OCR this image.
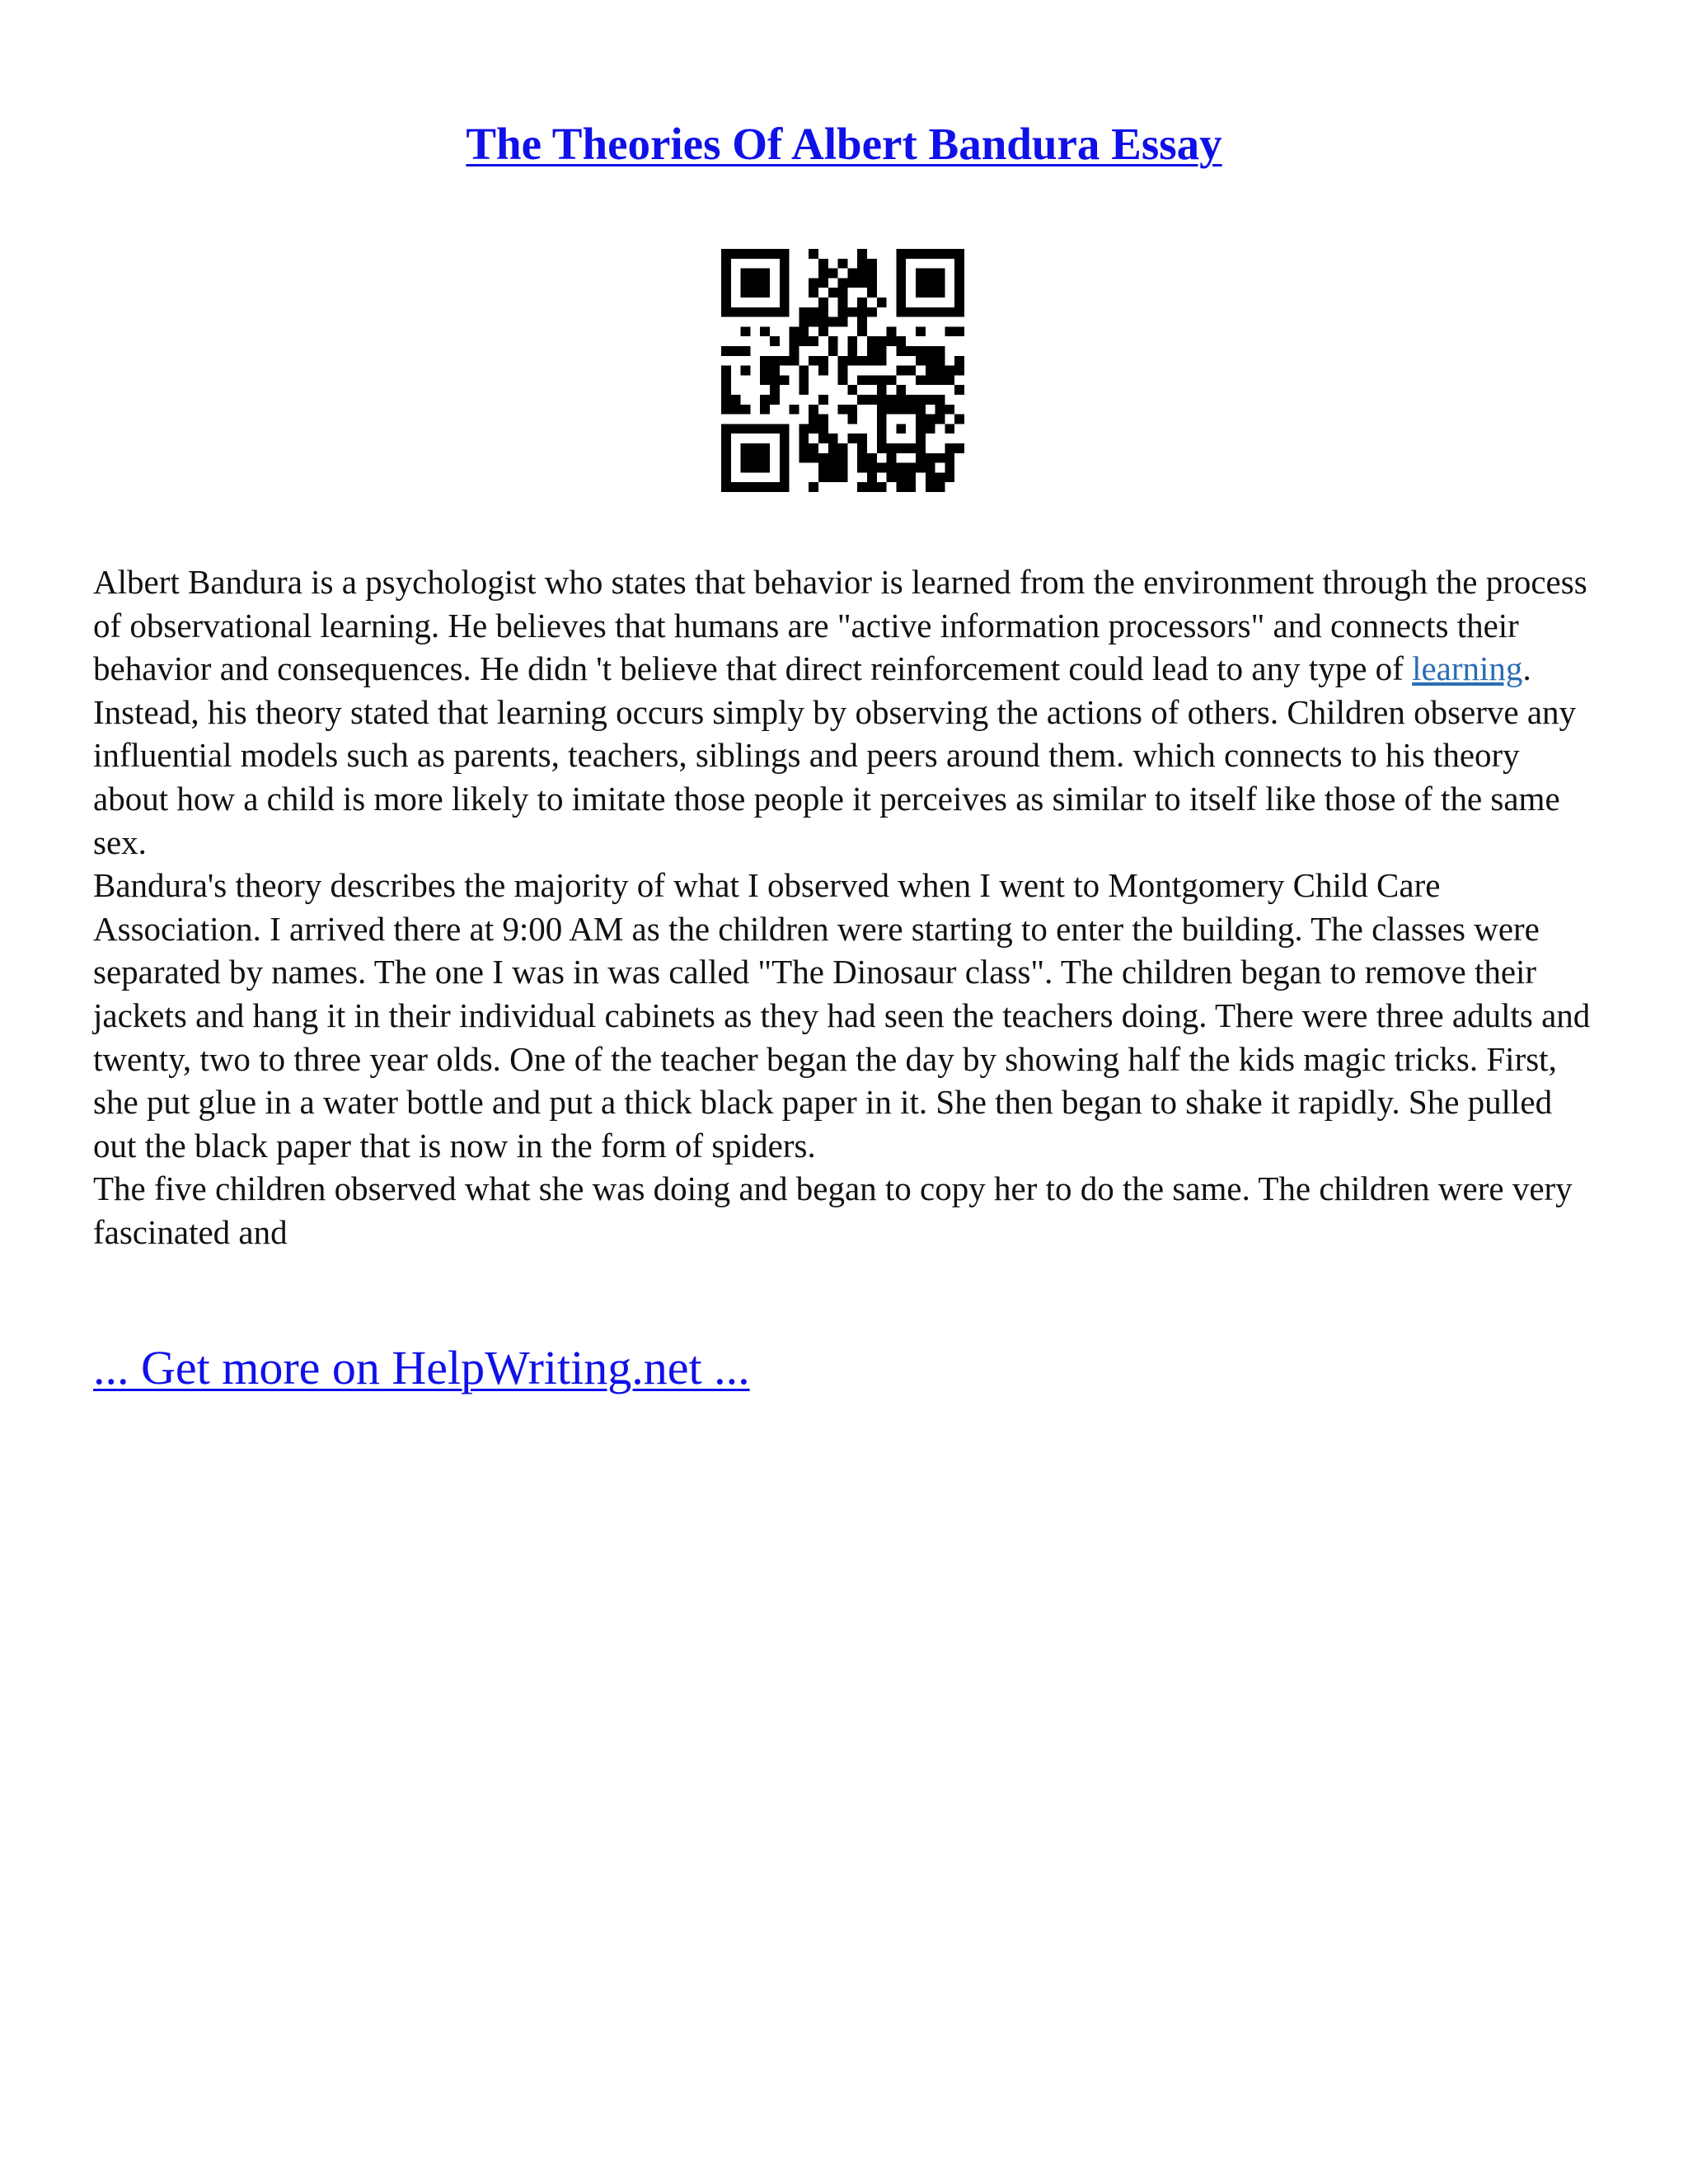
The Theories Of Albert Bandura Essay

Albert Bandura is a psychologist who states that behavior is learned from the environment through the process of observational learning. He believes that humans are "active information processors" and connects their behavior and consequences. He didn 't believe that direct reinforcement could lead to any type of learning. Instead, his theory stated that learning occurs simply by observing the actions of others. Children observe any influential models such as parents, teachers, siblings and peers around them. which connects to his theory about how a child is more likely to imitate those people it perceives as similar to itself like those of the same sex.

Bandura's theory describes the majority of what I observed when I went to Montgomery Child Care Association. I arrived there at 9:00 AM as the children were starting to enter the building. The classes were separated by names. The one I was in was called "The Dinosaur class". The children began to remove their jackets and hang it in their individual cabinets as they had seen the teachers doing. There were three adults and twenty, two to three year olds. One of the teacher began the day by showing half the kids magic tricks. First, she put glue in a water bottle and put a thick black paper in it. She then began to shake it rapidly. She pulled out the black paper that is now in the form of spiders.

The five children observed what she was doing and began to copy her to do the same. The children were very fascinated and

... Get more on HelpWriting.net ...
